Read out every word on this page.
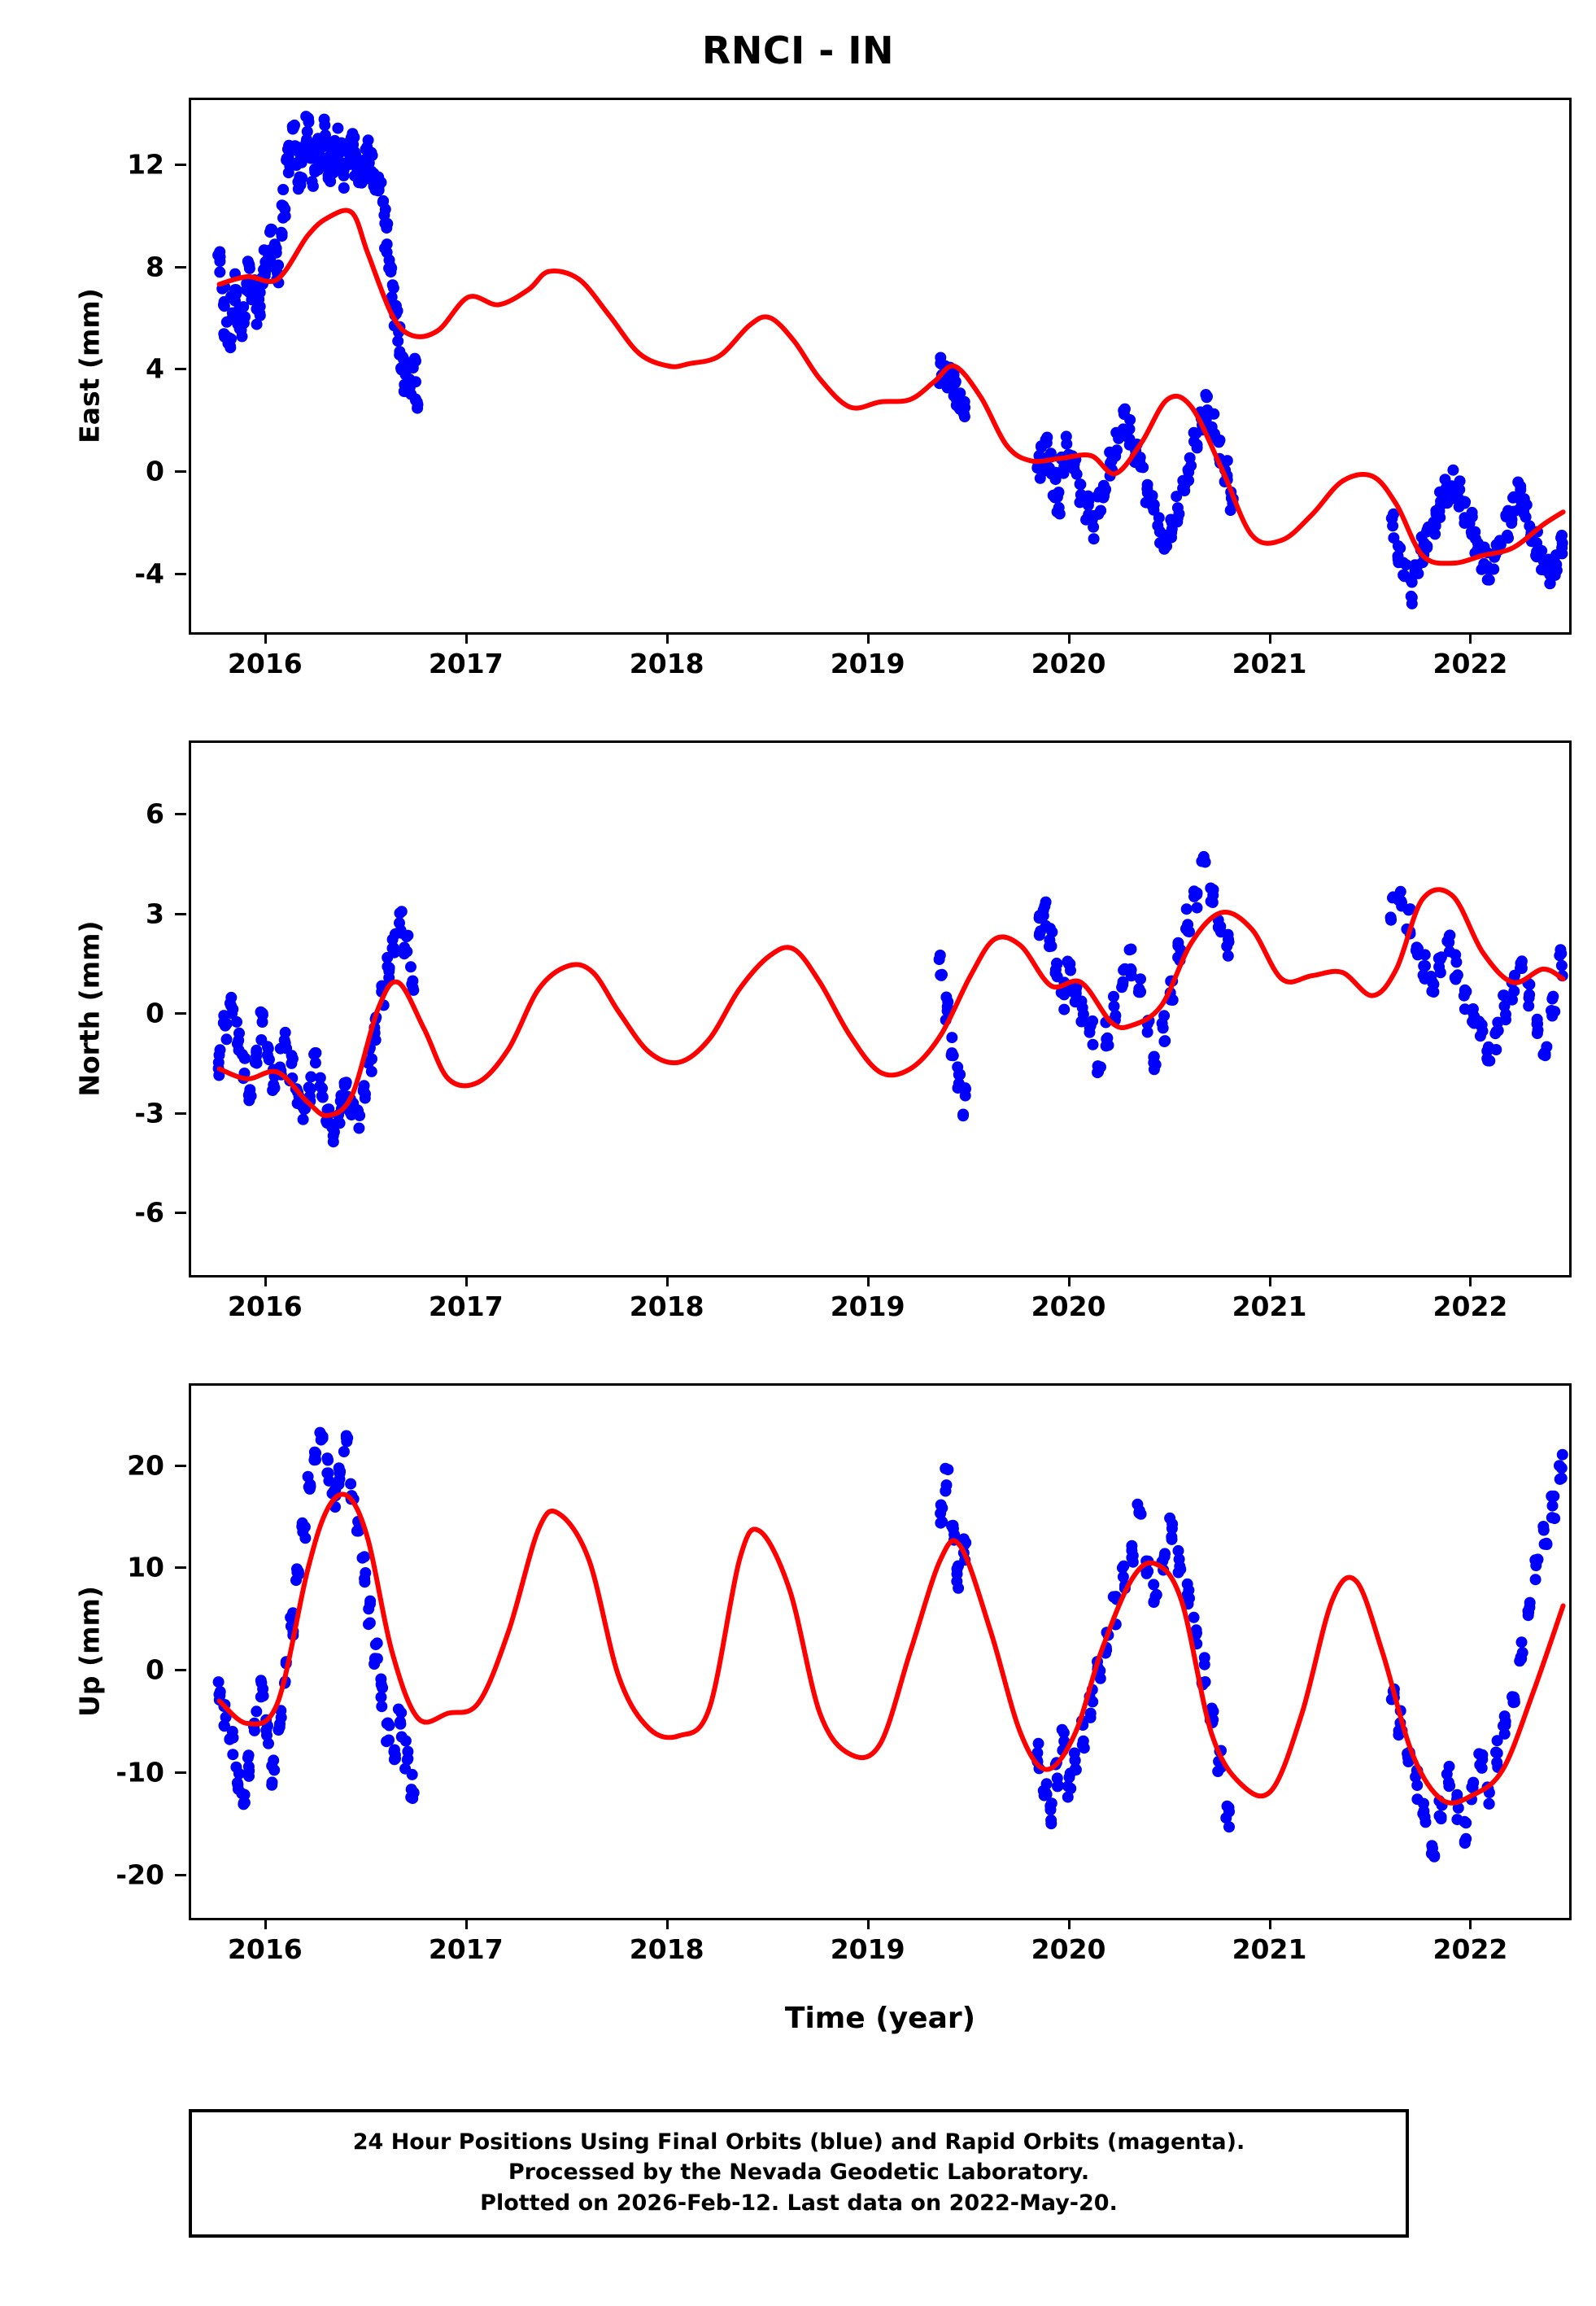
RNCI - IN
East (mm)
North (mm)
Up (mm)
Time (year)
24 Hour Positions Using Final Orbits (blue) and Rapid Orbits (magenta).
Processed by the Nevada Geodetic Laboratory.
Plotted on 2026-Feb-12. Last data on 2022-May-20.
2016	2017	2018	2019	2020	2021	2022
-4
0
4
8
12
2016	2017	2018	2019	2020	2021	2022
-6
-3
0
3
6
2016	2017	2018	2019	2020	2021	2022
-20
-10
0
10
20
